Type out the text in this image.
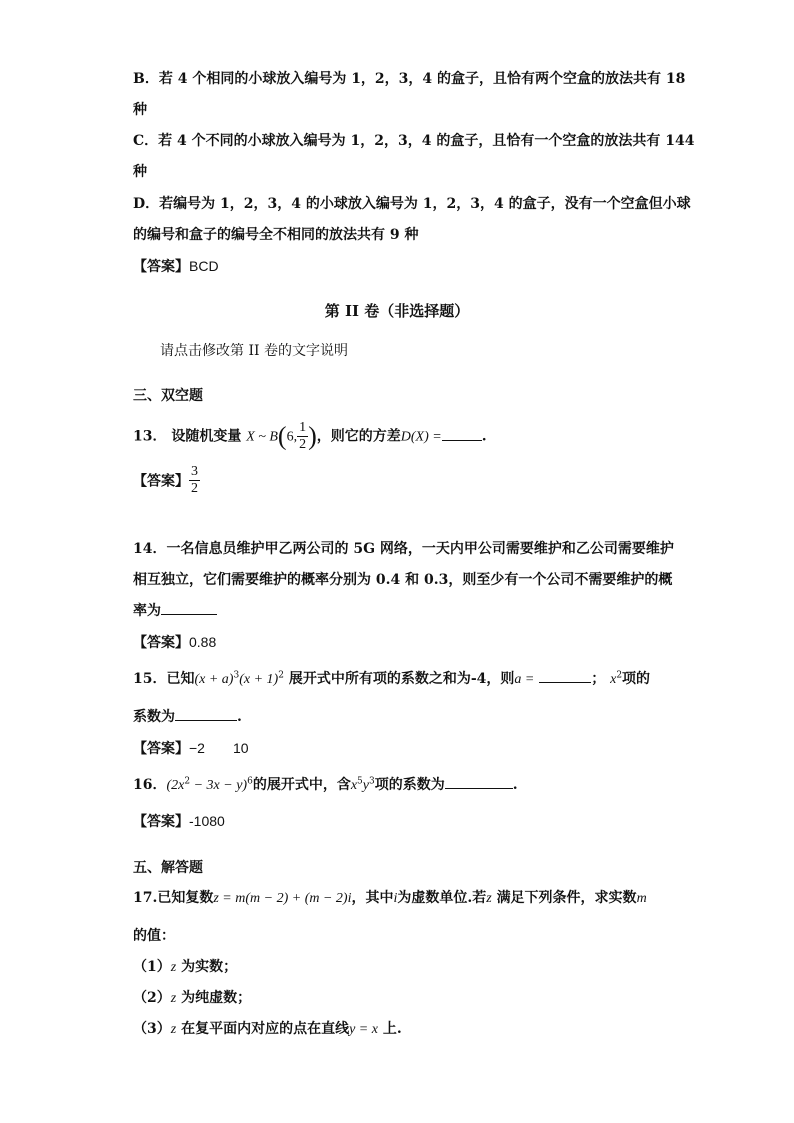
B．若 4 个相同的小球放入编号为 1，2，3，4 的盒子，且恰有两个空盒的放法共有 18
种
C．若 4 个不同的小球放入编号为 1，2，3，4 的盒子，且恰有一个空盒的放法共有 144
种
D．若编号为 1，2，3，4 的小球放入编号为 1，2，3，4 的盒子，没有一个空盒但小球
的编号和盒子的编号全不相同的放法共有 9 种
【答案】BCD
第 II 卷（非选择题）
请点击修改第 II 卷的文字说明
三、双空题
13． 设随机变量 X ~ B(6, $\frac{1}{2}$ )，则它的方差D(X) =	.
【答案】 $\frac{3}{2}$
14．一名信息员维护甲乙两公司的 5G 网络，一天内甲公司需要维护和乙公司需要维护
相互独立，它们需要维护的概率分别为 0.4 和 0.3，则至少有一个公司不需要维护的概
率为
【答案】0.88
15．已知$(x + a)^3(x + 1)^2$ 展开式中所有项的系数之和为-4，则a =	； $x^2$项的
系数为	.
【答案】−2　　10
16．$(2x^2 - 3x - y)^6$的展开式中，含$x^5y^3$项的系数为	.
【答案】-1080
五、解答题
17.已知复数z = m(m − 2) + (m − 2)i，其中i为虚数单位.若z 满足下列条件，求实数m
的值：
（1）z 为实数；
（2）z 为纯虚数；
（3）z 在复平面内对应的点在直线y = x 上.
